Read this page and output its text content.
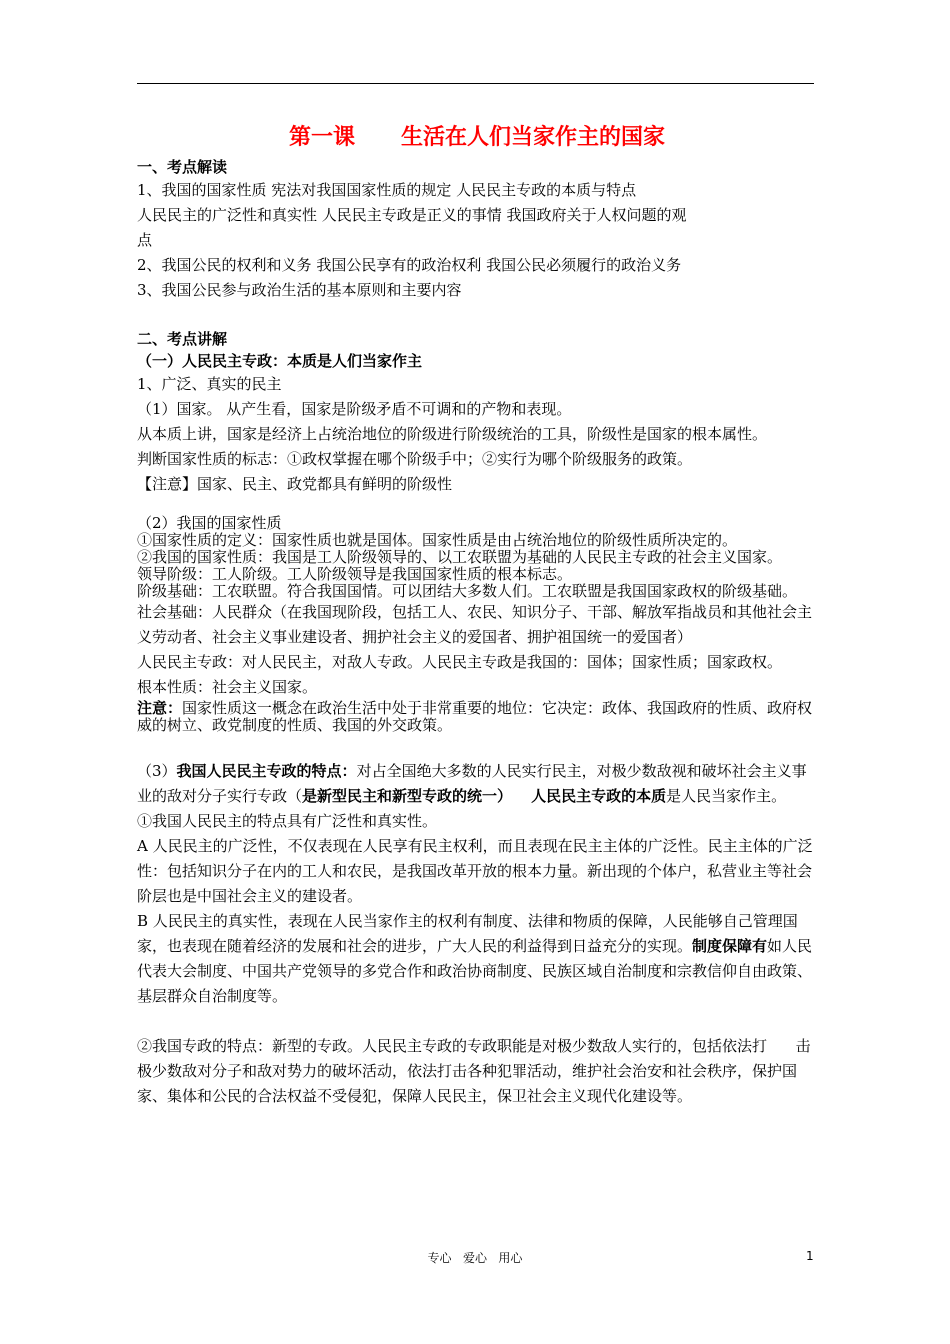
第一课      生活在人们当家作主的国家
一、考点解读

1、我国的国家性质 宪法对我国国家性质的规定 人民民主专政的本质与特点

人民民主的广泛性和真实性 人民民主专政是正义的事情 我国政府关于人权问题的观

点

2、我国公民的权利和义务 我国公民享有的政治权利 我国公民必须履行的政治义务

3、我国公民参与政治生活的基本原则和主要内容

二、考点讲解
（一）人民民主专政：本质是人们当家作主

1、广泛、真实的民主

（1）国家。 从产生看，国家是阶级矛盾不可调和的产物和表现。

从本质上讲，国家是经济上占统治地位的阶级进行阶级统治的工具，阶级性是国家的根本属性。

判断国家性质的标志：①政权掌握在哪个阶级手中；②实行为哪个阶级服务的政策。

【注意】国家、民主、政党都具有鲜明的阶级性

（2）我国的国家性质

①国家性质的定义：国家性质也就是国体。国家性质是由占统治地位的阶级性质所决定的。

②我国的国家性质：我国是工人阶级领导的、以工农联盟为基础的人民民主专政的社会主义国家。

领导阶级：工人阶级。工人阶级领导是我国国家性质的根本标志。

阶级基础：工农联盟。符合我国国情。可以团结大多数人们。工农联盟是我国国家政权的阶级基础。

社会基础：人民群众（在我国现阶段，包括工人、农民、知识分子、干部、解放军指战员和其他社会主义劳动者、社会主义事业建设者、拥护社会主义的爱国者、拥护祖国统一的爱国者）

人民民主专政：对人民民主，对敌人专政。人民民主专政是我国的：国体；国家性质；国家政权。

根本性质：社会主义国家。

注意：国家性质这一概念在政治生活中处于非常重要的地位：它决定：政体、我国政府的性质、政府权威的树立、政党制度的性质、我国的外交政策。

（3）我国人民民主专政的特点：对占全国绝大多数的人民实行民主，对极少数敌视和破坏社会主义事业的敌对分子实行专政（是新型民主和新型专政的统一） 人民民主专政的本质是人民当家作主。

①我国人民民主的特点具有广泛性和真实性。

A 人民民主的广泛性，不仅表现在人民享有民主权利，而且表现在民主主体的广泛性。民主主体的广泛性：包括知识分子在内的工人和农民，是我国改革开放的根本力量。新出现的个体户，私营业主等社会阶层也是中国社会主义的建设者。

B 人民民主的真实性，表现在人民当家作主的权利有制度、法律和物质的保障，人民能够自己管理国家，也表现在随着经济的发展和社会的进步，广大人民的利益得到日益充分的实现。制度保障有如人民代表大会制度、中国共产党领导的多党合作和政治协商制度、民族区域自治制度和宗教信仰自由政策、基层群众自治制度等。

②我国专政的特点：新型的专政。人民民主专政的专政职能是对极少数敌人实行的，包括依法打      击极少数敌对分子和敌对势力的破坏活动，依法打击各种犯罪活动，维护社会治安和社会秩序，保护国家、集体和公民的合法权益不受侵犯，保障人民民主，保卫社会主义现代化建设等。

专心   爱心   用心	1
